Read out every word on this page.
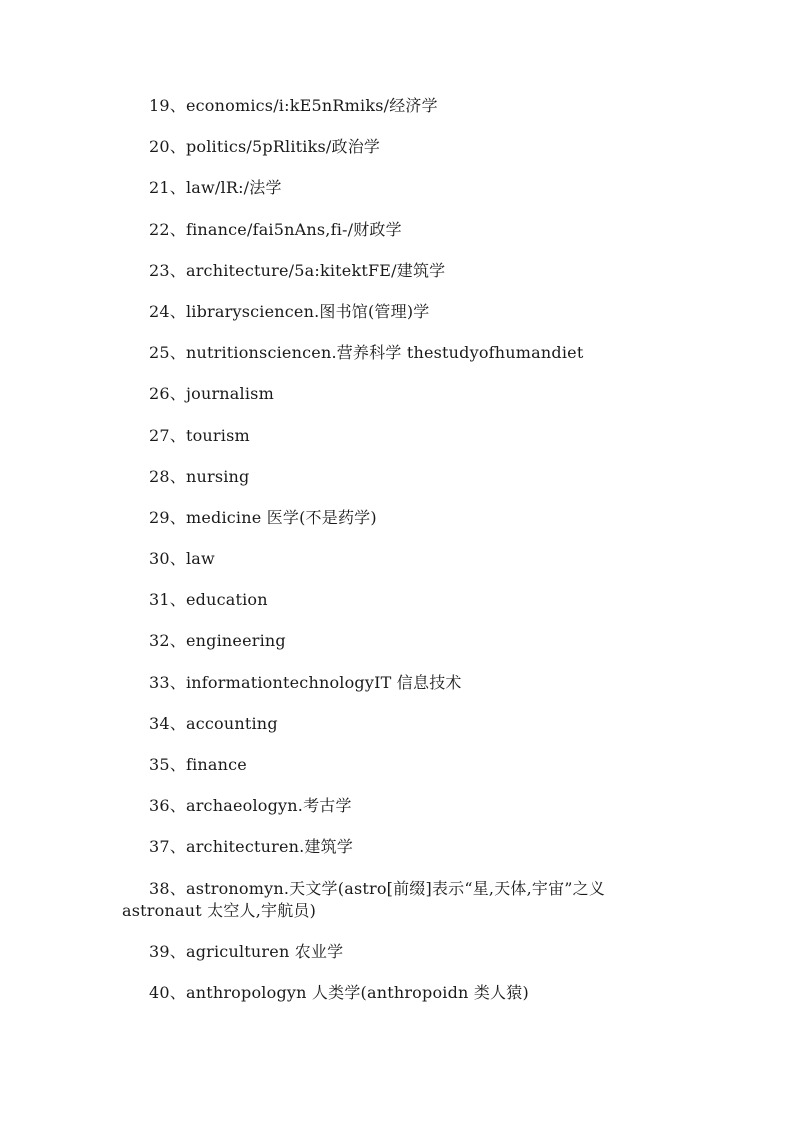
19、economics/i:kE5nRmiks/经济学

20、politics/5pRlitiks/政治学

21、law/lR:/法学

22、finance/fai5nAns,fi-/财政学

23、architecture/5a:kitektFE/建筑学

24、librarysciencen.图书馆(管理)学

25、nutritionsciencen.营养科学 thestudyofhumandiet

26、journalism

27、tourism

28、nursing

29、medicine 医学(不是药学)

30、law

31、education

32、engineering

33、informationtechnologyIT 信息技术

34、accounting

35、finance

36、archaeologyn.考古学

37、architecturen.建筑学

38、astronomyn.天文学(astro[前缀]表示“星,天体,宇宙”之义 astronaut 太空人,宇航员)

39、agriculturen 农业学

40、anthropologyn 人类学(anthropoidn 类人猿)
